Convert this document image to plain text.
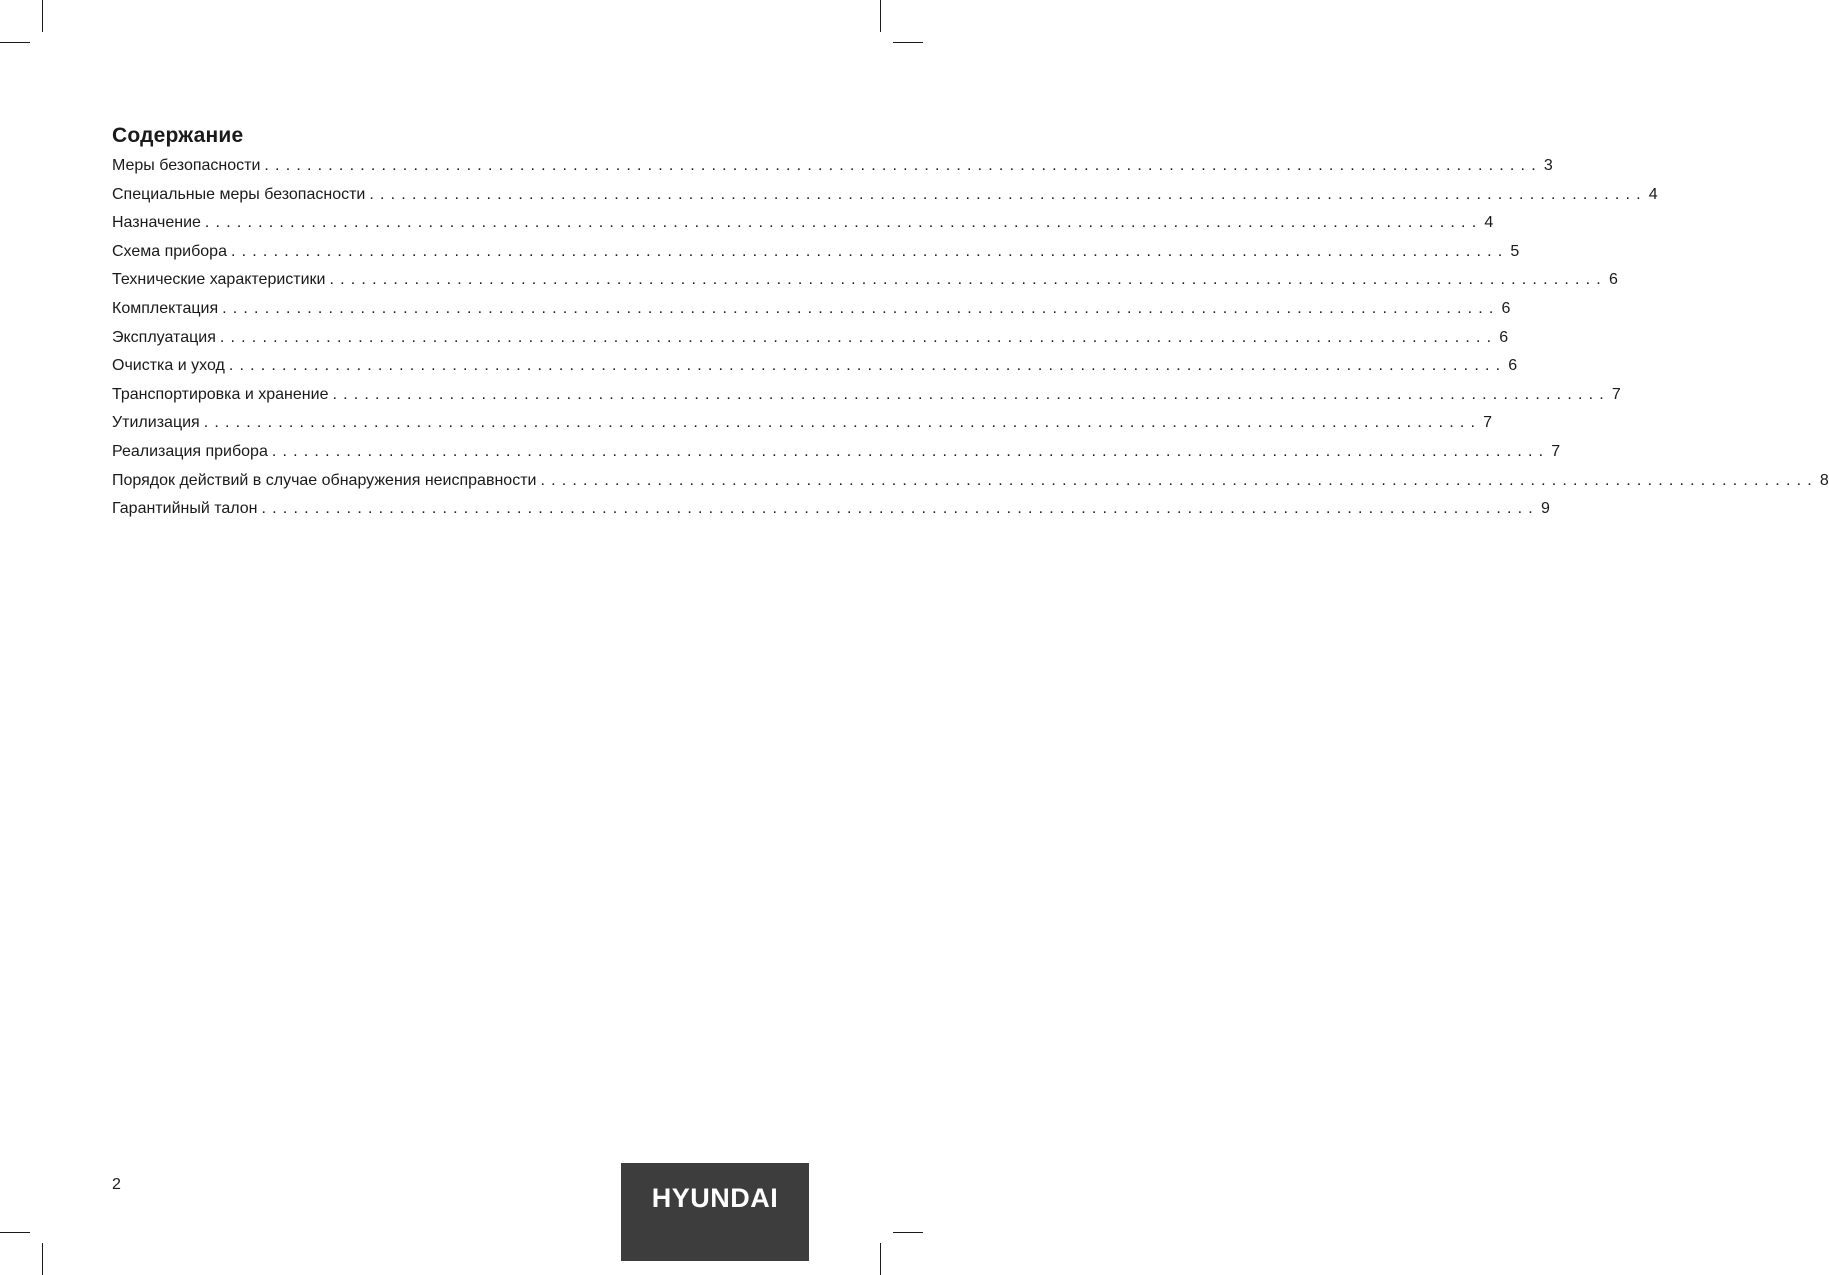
Содержание
Меры безопасности ........................................................................................................................ 3
Специальные меры безопасности ........................................................................................................................ 4
Назначение ........................................................................................................................ 4
Схема прибора ........................................................................................................................ 5
Технические характеристики ........................................................................................................................ 6
Комплектация ........................................................................................................................ 6
Эксплуатация ........................................................................................................................ 6
Очистка и уход ........................................................................................................................ 6
Транспортировка и хранение ........................................................................................................................ 7
Утилизация ........................................................................................................................ 7
Реализация прибора ........................................................................................................................ 7
Порядок действий в случае обнаружения неисправности ........................................................................................................................ 8
Гарантийный талон ........................................................................................................................ 9
2	HYUNDAI
